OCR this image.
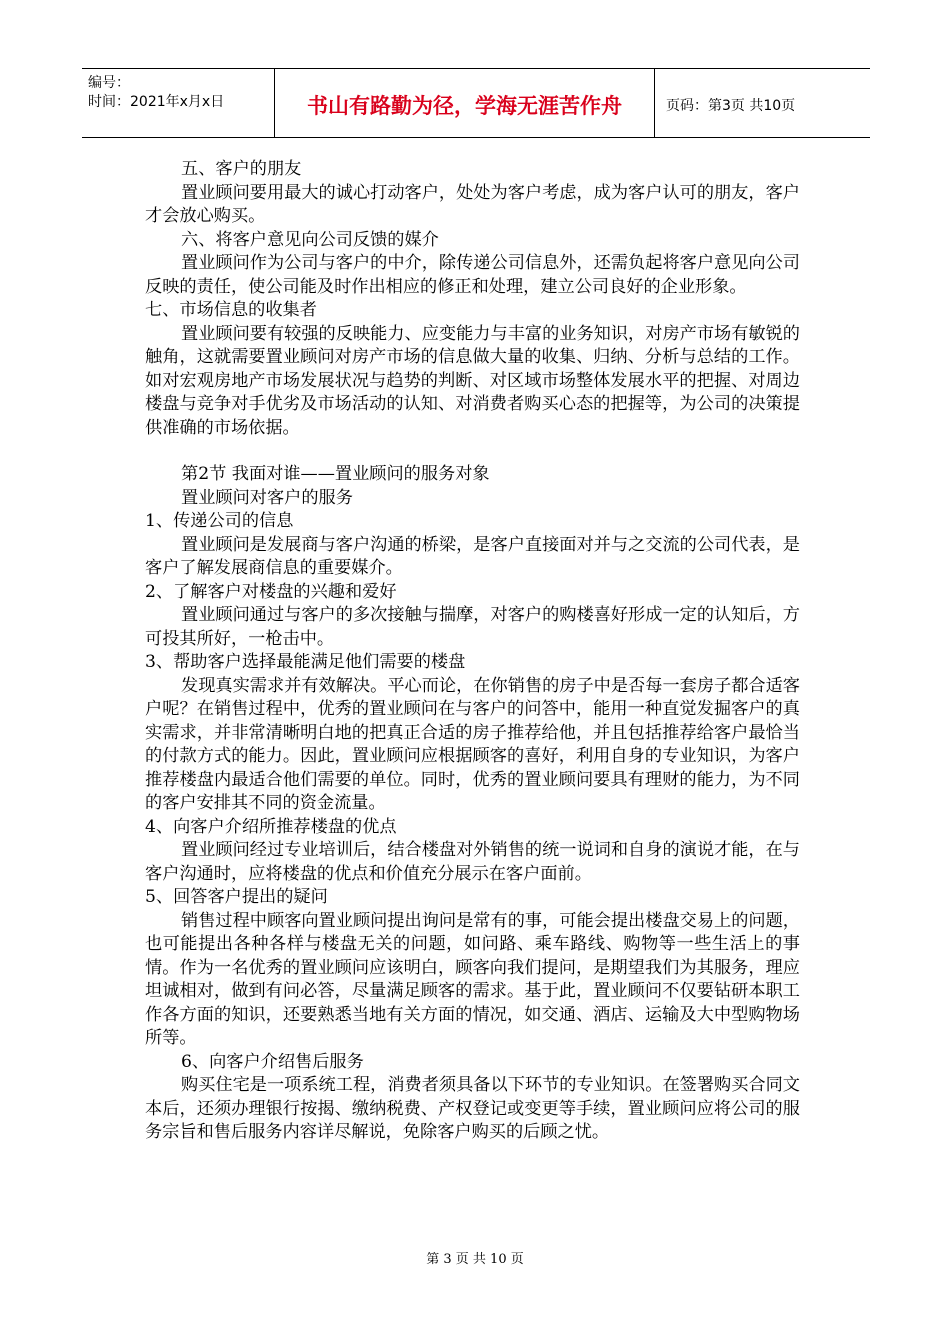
编号：
时间：2021年x月x日	书山有路勤为径，学海无涯苦作舟	页码：第3页 共10页

五、客户的朋友

置业顾问要用最大的诚心打动客户，处处为客户考虑，成为客户认可的朋友，客户才会放心购买。

六、将客户意见向公司反馈的媒介

置业顾问作为公司与客户的中介，除传递公司信息外，还需负起将客户意见向公司反映的责任，使公司能及时作出相应的修正和处理，建立公司良好的企业形象。

七、市场信息的收集者

置业顾问要有较强的反映能力、应变能力与丰富的业务知识，对房产市场有敏锐的触角，这就需要置业顾问对房产市场的信息做大量的收集、归纳、分析与总结的工作。如对宏观房地产市场发展状况与趋势的判断、对区域市场整体发展水平的把握、对周边楼盘与竞争对手优劣及市场活动的认知、对消费者购买心态的把握等，为公司的决策提供准确的市场依据。

第2节 我面对谁——置业顾问的服务对象

置业顾问对客户的服务

1、传递公司的信息

置业顾问是发展商与客户沟通的桥梁，是客户直接面对并与之交流的公司代表，是客户了解发展商信息的重要媒介。

2、了解客户对楼盘的兴趣和爱好

置业顾问通过与客户的多次接触与揣摩，对客户的购楼喜好形成一定的认知后，方可投其所好，一枪击中。

3、帮助客户选择最能满足他们需要的楼盘

发现真实需求并有效解决。平心而论，在你销售的房子中是否每一套房子都合适客户呢？在销售过程中，优秀的置业顾问在与客户的问答中，能用一种直觉发掘客户的真实需求，并非常清晰明白地的把真正合适的房子推荐给他，并且包括推荐给客户最恰当的付款方式的能力。因此，置业顾问应根据顾客的喜好，利用自身的专业知识，为客户推荐楼盘内最适合他们需要的单位。同时，优秀的置业顾问要具有理财的能力，为不同的客户安排其不同的资金流量。

4、向客户介绍所推荐楼盘的优点

置业顾问经过专业培训后，结合楼盘对外销售的统一说词和自身的演说才能，在与客户沟通时，应将楼盘的优点和价值充分展示在客户面前。

5、回答客户提出的疑问

销售过程中顾客向置业顾问提出询问是常有的事，可能会提出楼盘交易上的问题，也可能提出各种各样与楼盘无关的问题，如问路、乘车路线、购物等一些生活上的事情。作为一名优秀的置业顾问应该明白，顾客向我们提问，是期望我们为其服务，理应坦诚相对，做到有问必答，尽量满足顾客的需求。基于此，置业顾问不仅要钻研本职工作各方面的知识，还要熟悉当地有关方面的情况，如交通、酒店、运输及大中型购物场所等。

6、向客户介绍售后服务

购买住宅是一项系统工程，消费者须具备以下环节的专业知识。在签署购买合同文本后，还须办理银行按揭、缴纳税费、产权登记或变更等手续，置业顾问应将公司的服务宗旨和售后服务内容详尽解说，免除客户购买的后顾之忧。

第 3 页 共 10 页
